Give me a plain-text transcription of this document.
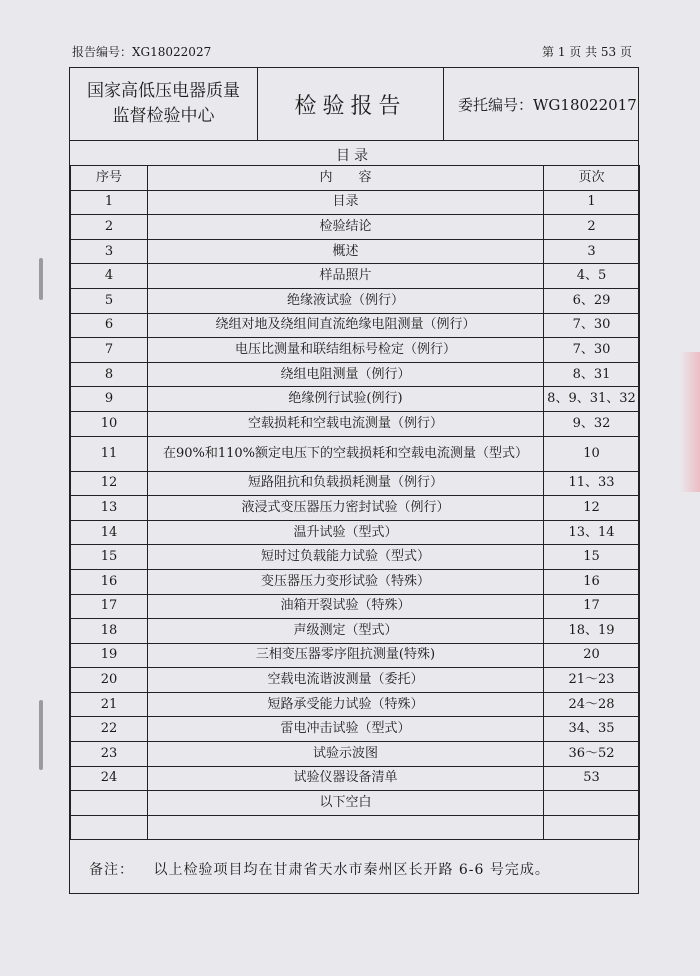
报告编号：XG18022027	第 1 页 共 53 页
国家高低压电器质量
监督检验中心	检验报告	委托编号：WG18022017
目录
序号	内　　容	页次
1	目录	1
2	检验结论	2
3	概述	3
4	样品照片	4、5
5	绝缘液试验（例行）	6、29
6	绕组对地及绕组间直流绝缘电阻测量（例行）	7、30
7	电压比测量和联结组标号检定（例行）	7、30
8	绕组电阻测量（例行）	8、31
9	绝缘例行试验(例行)	8、9、31、32
10	空载损耗和空载电流测量（例行）	9、32
11	在90%和110%额定电压下的空载损耗和空载电流测量（型式）	10
12	短路阻抗和负载损耗测量（例行）	11、33
13	液浸式变压器压力密封试验（例行）	12
14	温升试验（型式）	13、14
15	短时过负载能力试验（型式）	15
16	变压器压力变形试验（特殊）	16
17	油箱开裂试验（特殊）	17
18	声级测定（型式）	18、19
19	三相变压器零序阻抗测量(特殊)	20
20	空载电流谐波测量（委托）	21～23
21	短路承受能力试验（特殊）	24～28
22	雷电冲击试验（型式）	34、35
23	试验示波图	36～52
24	试验仪器设备清单	53
	以下空白	

备注： 以上检验项目均在甘肃省天水市秦州区长开路 6-6 号完成。
